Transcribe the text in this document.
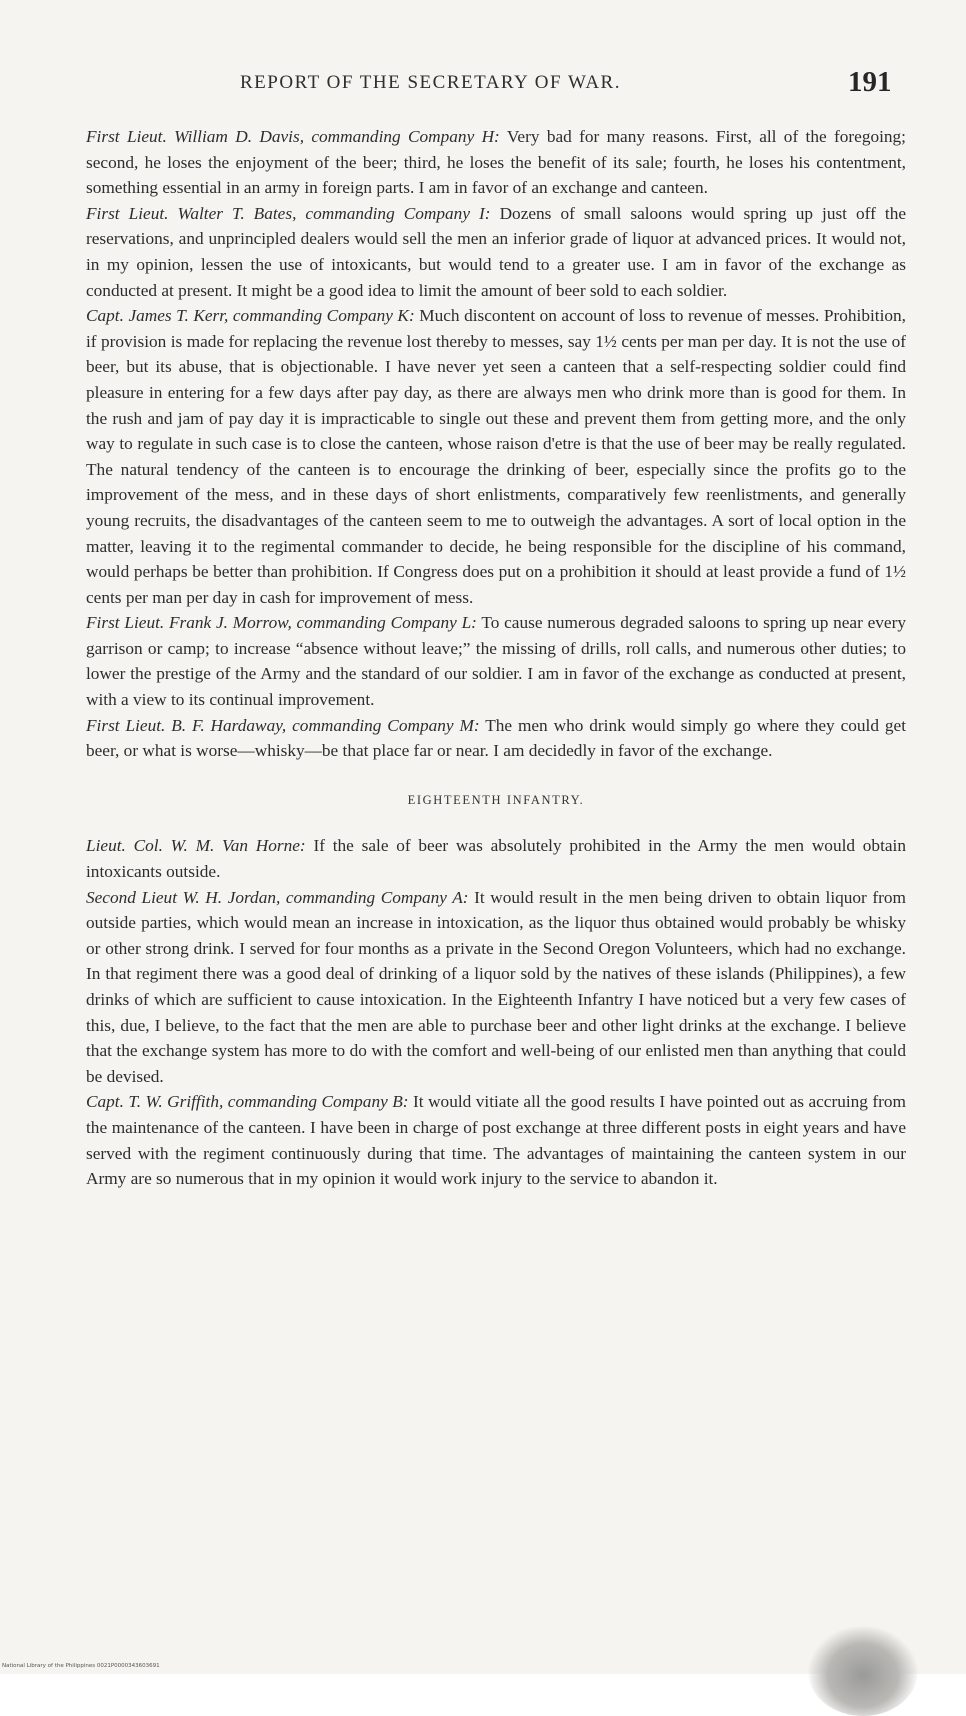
REPORT OF THE SECRETARY OF WAR.	191

First Lieut. William D. Davis, commanding Company H: Very bad for many reasons. First, all of the foregoing; second, he loses the enjoyment of the beer; third, he loses the benefit of its sale; fourth, he loses his contentment, something essential in an army in foreign parts. I am in favor of an exchange and canteen.

First Lieut. Walter T. Bates, commanding Company I: Dozens of small saloons would spring up just off the reservations, and unprincipled dealers would sell the men an inferior grade of liquor at advanced prices. It would not, in my opinion, lessen the use of intoxicants, but would tend to a greater use. I am in favor of the exchange as conducted at present. It might be a good idea to limit the amount of beer sold to each soldier.

Capt. James T. Kerr, commanding Company K: Much discontent on account of loss to revenue of messes. Prohibition, if provision is made for replacing the revenue lost thereby to messes, say 1½ cents per man per day. It is not the use of beer, but its abuse, that is objectionable. I have never yet seen a canteen that a self-respecting soldier could find pleasure in entering for a few days after pay day, as there are always men who drink more than is good for them. In the rush and jam of pay day it is impracticable to single out these and prevent them from getting more, and the only way to regulate in such case is to close the canteen, whose raison d'etre is that the use of beer may be really regulated. The natural tendency of the canteen is to encourage the drinking of beer, especially since the profits go to the improvement of the mess, and in these days of short enlistments, comparatively few reenlistments, and generally young recruits, the disadvantages of the canteen seem to me to outweigh the advantages. A sort of local option in the matter, leaving it to the regimental commander to decide, he being responsible for the discipline of his command, would perhaps be better than prohibition. If Congress does put on a prohibition it should at least provide a fund of 1½ cents per man per day in cash for improvement of mess.

First Lieut. Frank J. Morrow, commanding Company L: To cause numerous degraded saloons to spring up near every garrison or camp; to increase “absence without leave;” the missing of drills, roll calls, and numerous other duties; to lower the prestige of the Army and the standard of our soldier. I am in favor of the exchange as conducted at present, with a view to its continual improvement.

First Lieut. B. F. Hardaway, commanding Company M: The men who drink would simply go where they could get beer, or what is worse—whisky—be that place far or near. I am decidedly in favor of the exchange.

EIGHTEENTH INFANTRY.

Lieut. Col. W. M. Van Horne: If the sale of beer was absolutely prohibited in the Army the men would obtain intoxicants outside.

Second Lieut W. H. Jordan, commanding Company A: It would result in the men being driven to obtain liquor from outside parties, which would mean an increase in intoxication, as the liquor thus obtained would probably be whisky or other strong drink. I served for four months as a private in the Second Oregon Volunteers, which had no exchange. In that regiment there was a good deal of drinking of a liquor sold by the natives of these islands (Philippines), a few drinks of which are sufficient to cause intoxication. In the Eighteenth Infantry I have noticed but a very few cases of this, due, I believe, to the fact that the men are able to purchase beer and other light drinks at the exchange. I believe that the exchange system has more to do with the comfort and well-being of our enlisted men than anything that could be devised.

Capt. T. W. Griffith, commanding Company B: It would vitiate all the good results I have pointed out as accruing from the maintenance of the canteen. I have been in charge of post exchange at three different posts in eight years and have served with the regiment continuously during that time. The advantages of maintaining the canteen system in our Army are so numerous that in my opinion it would work injury to the service to abandon it.

National Library of the Philippines 0021P0000343603691
